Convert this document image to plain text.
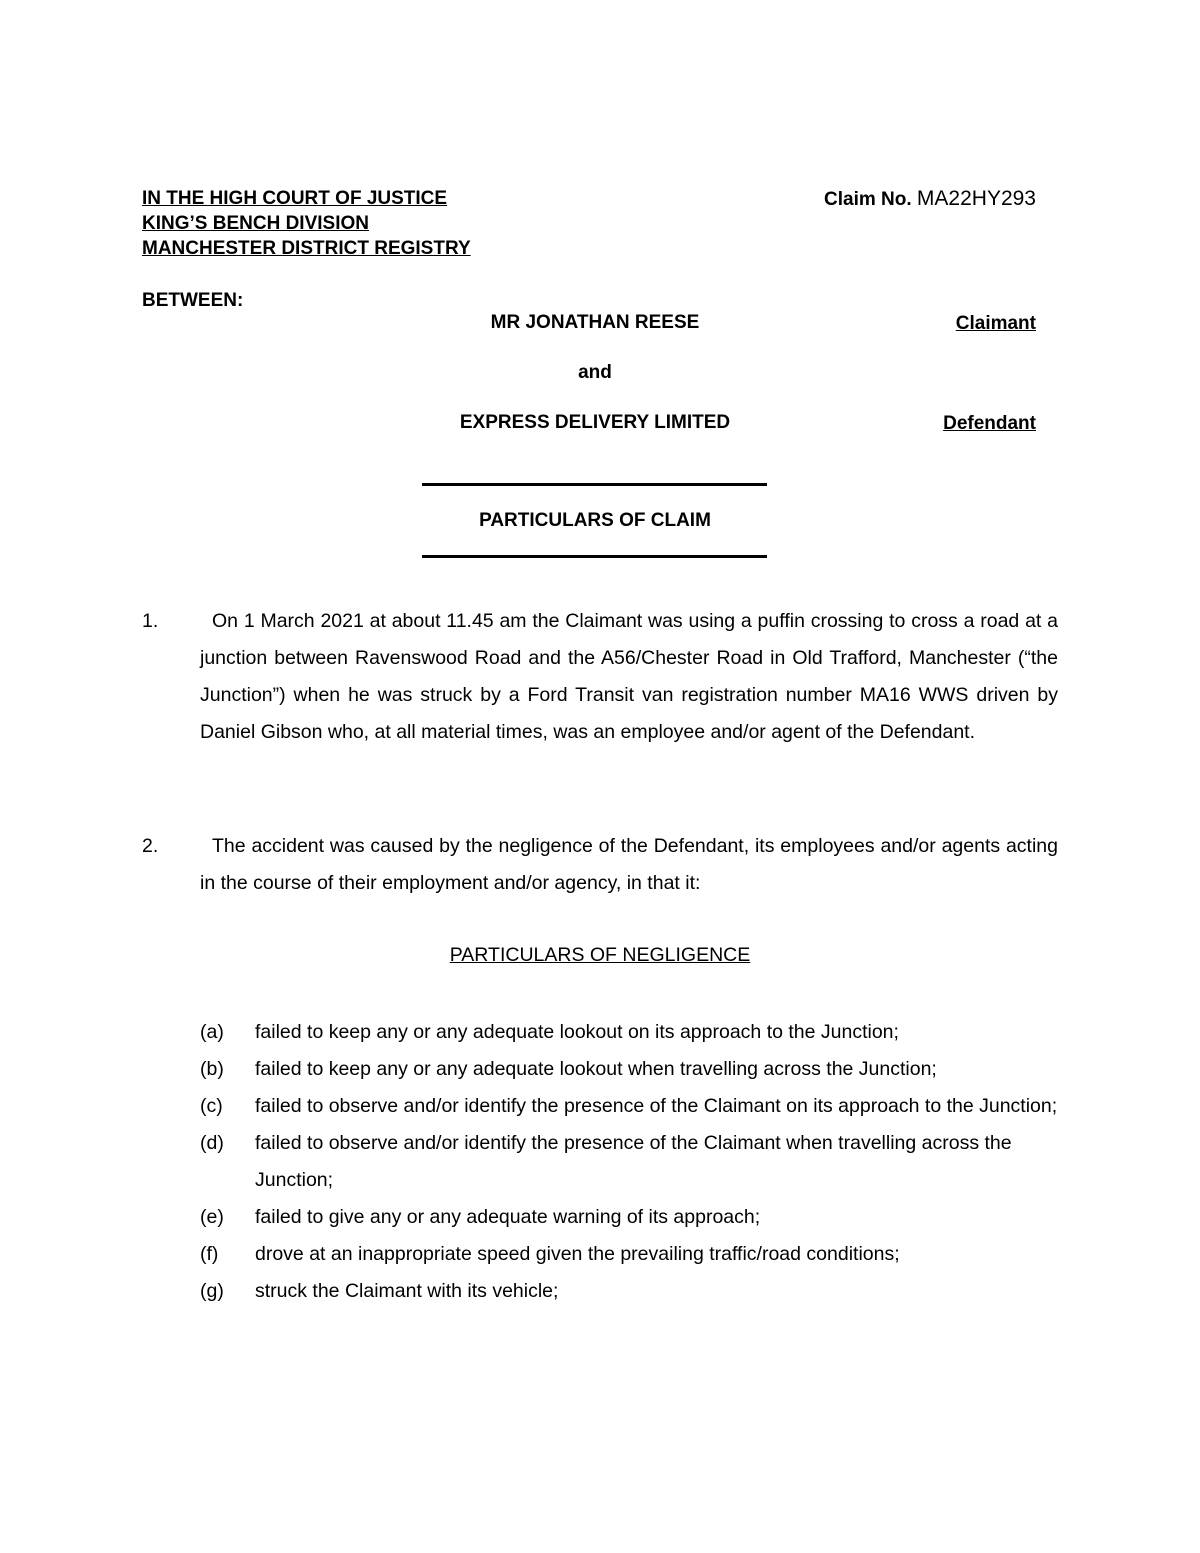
IN THE HIGH COURT OF JUSTICE
KING’S BENCH DIVISION
MANCHESTER DISTRICT REGISTRY
Claim No. MA22HY293
BETWEEN:
MR JONATHAN REESE	Claimant
and
EXPRESS DELIVERY LIMITED	Defendant
PARTICULARS OF CLAIM
1.	On 1 March 2021 at about 11.45 am the Claimant was using a puffin crossing to cross a road at a junction between Ravenswood Road and the A56/Chester Road in Old Trafford, Manchester (“the Junction”) when he was struck by a Ford Transit van registration number MA16 WWS driven by Daniel Gibson who, at all material times, was an employee and/or agent of the Defendant.
2.	The accident was caused by the negligence of the Defendant, its employees and/or agents acting in the course of their employment and/or agency, in that it:
PARTICULARS OF NEGLIGENCE
(a) failed to keep any or any adequate lookout on its approach to the Junction;
(b) failed to keep any or any adequate lookout when travelling across the Junction;
(c) failed to observe and/or identify the presence of the Claimant on its approach to the Junction;
(d) failed to observe and/or identify the presence of the Claimant when travelling across the Junction;
(e) failed to give any or any adequate warning of its approach;
(f) drove at an inappropriate speed given the prevailing traffic/road conditions;
(g) struck the Claimant with its vehicle;
